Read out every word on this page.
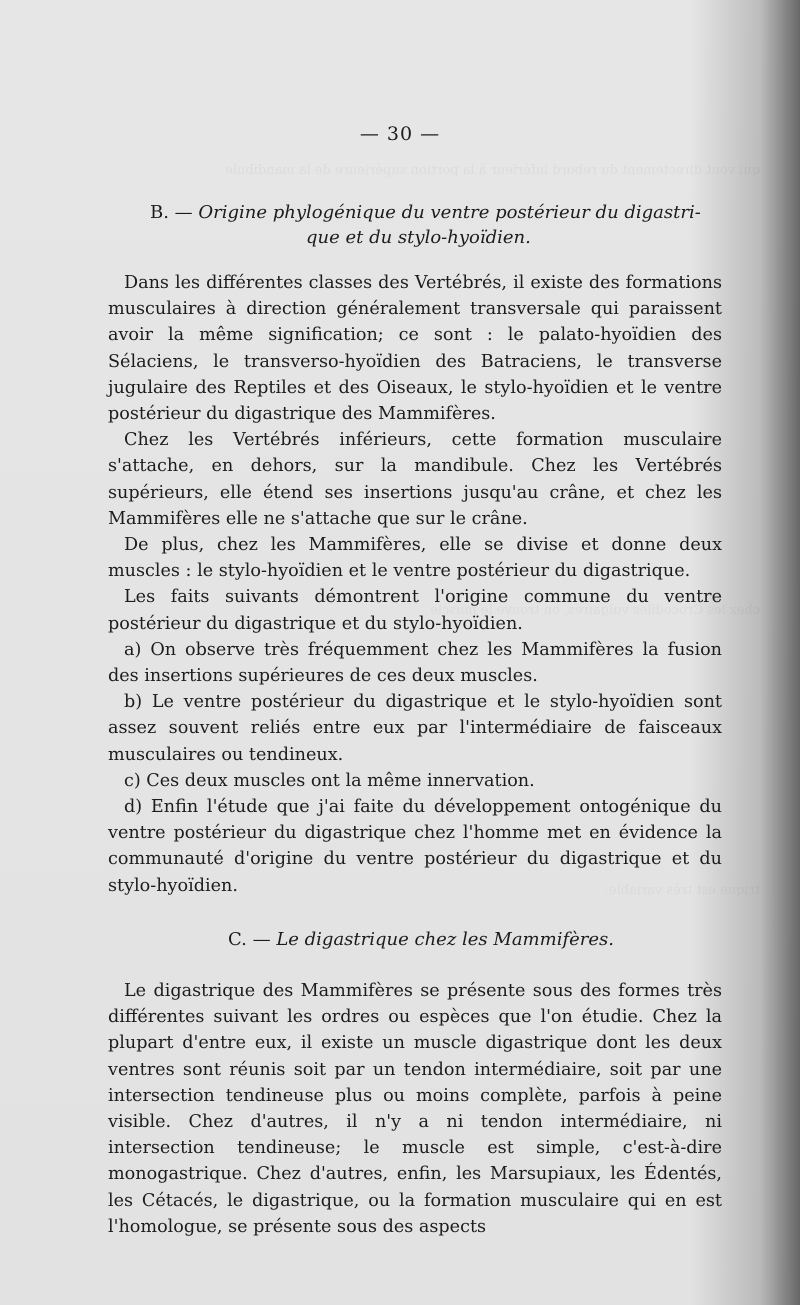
— 30 —
B. — Origine phylogénique du ventre postérieur du digastri-
que et du stylo-hyoïdien.

Dans les différentes classes des Vertébrés, il existe des formations musculaires à direction généralement transversale qui paraissent avoir la même signification; ce sont : le palato-hyoïdien des Sélaciens, le transverso-hyoïdien des Batraciens, le transverse jugulaire des Reptiles et des Oiseaux, le stylo-hyoïdien et le ventre postérieur du digastrique des Mammifères.

Chez les Vertébrés inférieurs, cette formation musculaire s'attache, en dehors, sur la mandibule. Chez les Vertébrés supérieurs, elle étend ses insertions jusqu'au crâne, et chez les Mammifères elle ne s'attache que sur le crâne.

De plus, chez les Mammifères, elle se divise et donne deux muscles : le stylo-hyoïdien et le ventre postérieur du digastrique.

Les faits suivants démontrent l'origine commune du ventre postérieur du digastrique et du stylo-hyoïdien.

a) On observe très fréquemment chez les Mammifères la fusion des insertions supérieures de ces deux muscles.

b) Le ventre postérieur du digastrique et le stylo-hyoïdien sont assez souvent reliés entre eux par l'intermédiaire de faisceaux musculaires ou tendineux.

c) Ces deux muscles ont la même innervation.

d) Enfin l'étude que j'ai faite du développement ontogénique du ventre postérieur du digastrique chez l'homme met en évidence la communauté d'origine du ventre postérieur du digastrique et du stylo-hyoïdien.

C. — Le digastrique chez les Mammifères.

Le digastrique des Mammifères se présente sous des formes très différentes suivant les ordres ou espèces que l'on étudie. Chez la plupart d'entre eux, il existe un muscle digastrique dont les deux ventres sont réunis soit par un tendon intermédiaire, soit par une intersection tendineuse plus ou moins complète, parfois à peine visible. Chez d'autres, il n'y a ni tendon intermédiaire, ni intersection tendineuse; le muscle est simple, c'est-à-dire monogastrique. Chez d'autres, enfin, les Marsupiaux, les Édentés, les Cétacés, le digastrique, ou la formation musculaire qui en est l'homologue, se présente sous des aspects
